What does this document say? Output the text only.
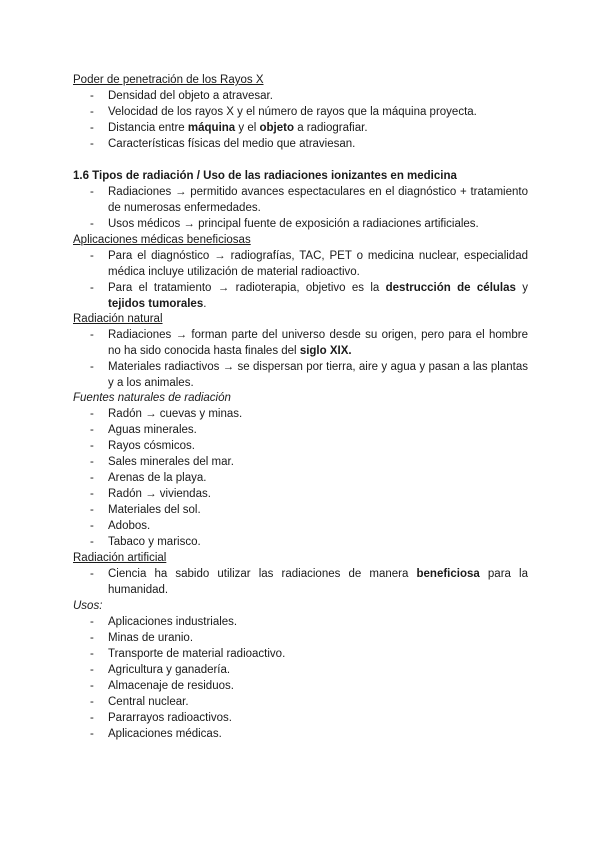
Poder de penetración de los Rayos X
- Densidad del objeto a atravesar.
- Velocidad de los rayos X y el número de rayos que la máquina proyecta.
- Distancia entre máquina y el objeto a radiografiar.
- Características físicas del medio que atraviesan.
1.6 Tipos de radiación / Uso de las radiaciones ionizantes en medicina
- Radiaciones → permitido avances espectaculares en el diagnóstico + tratamiento de numerosas enfermedades.
- Usos médicos → principal fuente de exposición a radiaciones artificiales.
Aplicaciones médicas beneficiosas
- Para el diagnóstico → radiografías, TAC, PET o medicina nuclear, especialidad médica incluye utilización de material radioactivo.
- Para el tratamiento → radioterapia, objetivo es la destrucción de células y tejidos tumorales.
Radiación natural
- Radiaciones → forman parte del universo desde su origen, pero para el hombre no ha sido conocida hasta finales del siglo XIX.
- Materiales radiactivos → se dispersan por tierra, aire y agua y pasan a las plantas y a los animales.
Fuentes naturales de radiación
- Radón → cuevas y minas.
- Aguas minerales.
- Rayos cósmicos.
- Sales minerales del mar.
- Arenas de la playa.
- Radón → viviendas.
- Materiales del sol.
- Adobos.
- Tabaco y marisco.
Radiación artificial
- Ciencia ha sabido utilizar las radiaciones de manera beneficiosa para la humanidad.
Usos:
- Aplicaciones industriales.
- Minas de uranio.
- Transporte de material radioactivo.
- Agricultura y ganadería.
- Almacenaje de residuos.
- Central nuclear.
- Pararrayos radioactivos.
- Aplicaciones médicas.
